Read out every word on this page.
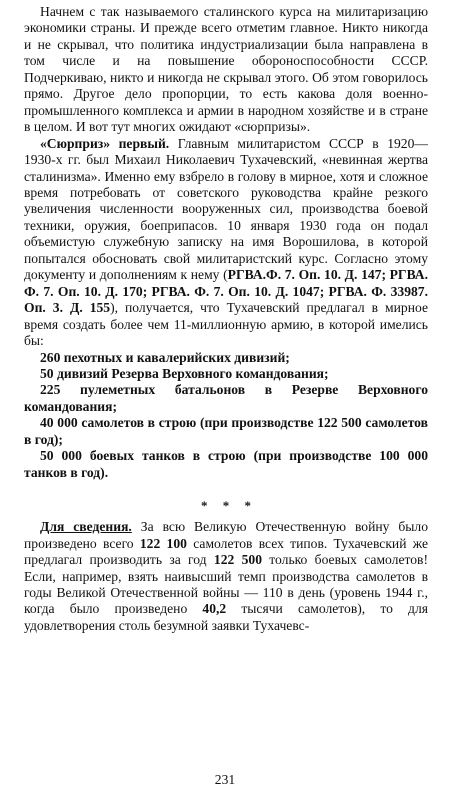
Начнем с так называемого сталинского курса на милитаризацию экономики страны. И прежде всего отметим главное. Никто никогда и не скрывал, что политика индустриализации была направлена в том числе и на повышение обороноспособности СССР. Подчеркиваю, никто и никогда не скрывал этого. Об этом говорилось прямо. Другое дело пропорции, то есть какова доля военно-промышленного комплекса и армии в народном хозяйстве и в стране в целом. И вот тут многих ожидают «сюрпризы».

«Сюрприз» первый. Главным милитаристом СССР в 1920—1930-х гг. был Михаил Николаевич Тухачевский, «невинная жертва сталинизма». Именно ему взбрело в голову в мирное, хотя и сложное время потребовать от советского руководства крайне резкого увеличения численности вооруженных сил, производства боевой техники, оружия, боеприпасов. 10 января 1930 года он подал объемистую служебную записку на имя Ворошилова, в которой попытался обосновать свой милитаристский курс. Согласно этому документу и дополнениям к нему (РГВА.Ф. 7. Оп. 10. Д. 147; РГВА. Ф. 7. Оп. 10. Д. 170; РГВА. Ф. 7. Оп. 10. Д. 1047; РГВА. Ф. 33987. Оп. 3. Д. 155), получается, что Тухачевский предлагал в мирное время создать более чем 11-миллионную армию, в которой имелись бы:

260 пехотных и кавалерийских дивизий;

50 дивизий Резерва Верховного командования;

225 пулеметных батальонов в Резерве Верховного командования;

40 000 самолетов в строю (при производстве 122 500 самолетов в год);

50 000 боевых танков в строю (при производстве 100 000 танков в год).

* * *

Для сведения. За всю Великую Отечественную войну было произведено всего 122 100 самолетов всех типов. Тухачевский же предлагал производить за год 122 500 только боевых самолетов! Если, например, взять наивысший темп производства самолетов в годы Великой Отечественной войны — 110 в день (уровень 1944 г., когда было произведено 40,2 тысячи самолетов), то для удовлетворения столь безумной заявки Тухачевс-

231
